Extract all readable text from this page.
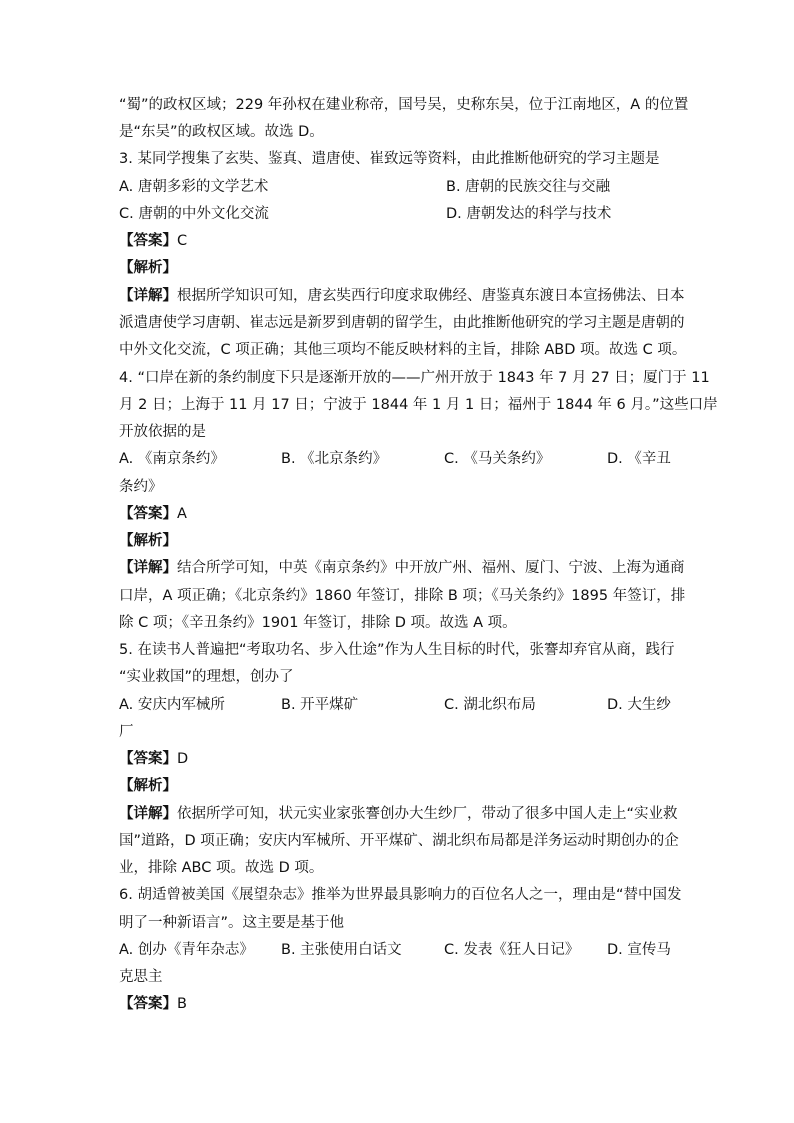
“蜀”的政权区域；229 年孙权在建业称帝，国号吴，史称东吴，位于江南地区，A 的位置
是“东吴”的政权区域。故选 D。
3. 某同学搜集了玄奘、鉴真、遣唐使、崔致远等资料，由此推断他研究的学习主题是
A. 唐朝多彩的文学艺术	B. 唐朝的民族交往与交融
C. 唐朝的中外文化交流	D. 唐朝发达的科学与技术
【答案】C
【解析】
【详解】根据所学知识可知，唐玄奘西行印度求取佛经、唐鉴真东渡日本宣扬佛法、日本
派遣唐使学习唐朝、崔志远是新罗到唐朝的留学生，由此推断他研究的学习主题是唐朝的
中外文化交流，C 项正确；其他三项均不能反映材料的主旨，排除 ABD 项。故选 C 项。
4. “口岸在新的条约制度下只是逐渐开放的——广州开放于 1843 年 7 月 27 日；厦门于 11
月 2 日；上海于 11 月 17 日；宁波于 1844 年 1 月 1 日；福州于 1844 年 6 月。”这些口岸
开放依据的是
A. 《南京条约》	B. 《北京条约》	C. 《马关条约》	D. 《辛丑
条约》
【答案】A
【解析】
【详解】结合所学可知，中英《南京条约》中开放广州、福州、厦门、宁波、上海为通商
口岸，A 项正确；《北京条约》1860 年签订，排除 B 项；《马关条约》1895 年签订，排
除 C 项；《辛丑条约》1901 年签订，排除 D 项。故选 A 项。
5. 在读书人普遍把“考取功名、步入仕途”作为人生目标的时代，张謇却弃官从商，践行
“实业救国”的理想，创办了
A. 安庆内军械所	B. 开平煤矿	C. 湖北织布局	D. 大生纱
厂
【答案】D
【解析】
【详解】依据所学可知，状元实业家张謇创办大生纱厂，带动了很多中国人走上“实业救
国”道路，D 项正确；安庆内军械所、开平煤矿、湖北织布局都是洋务运动时期创办的企
业，排除 ABC 项。故选 D 项。
6. 胡适曾被美国《展望杂志》推举为世界最具影响力的百位名人之一，理由是“替中国发
明了一种新语言”。这主要是基于他
A. 创办《青年杂志》 B. 主张使用白话文	C. 发表《狂人日记》 D. 宣传马
克思主
【答案】B
